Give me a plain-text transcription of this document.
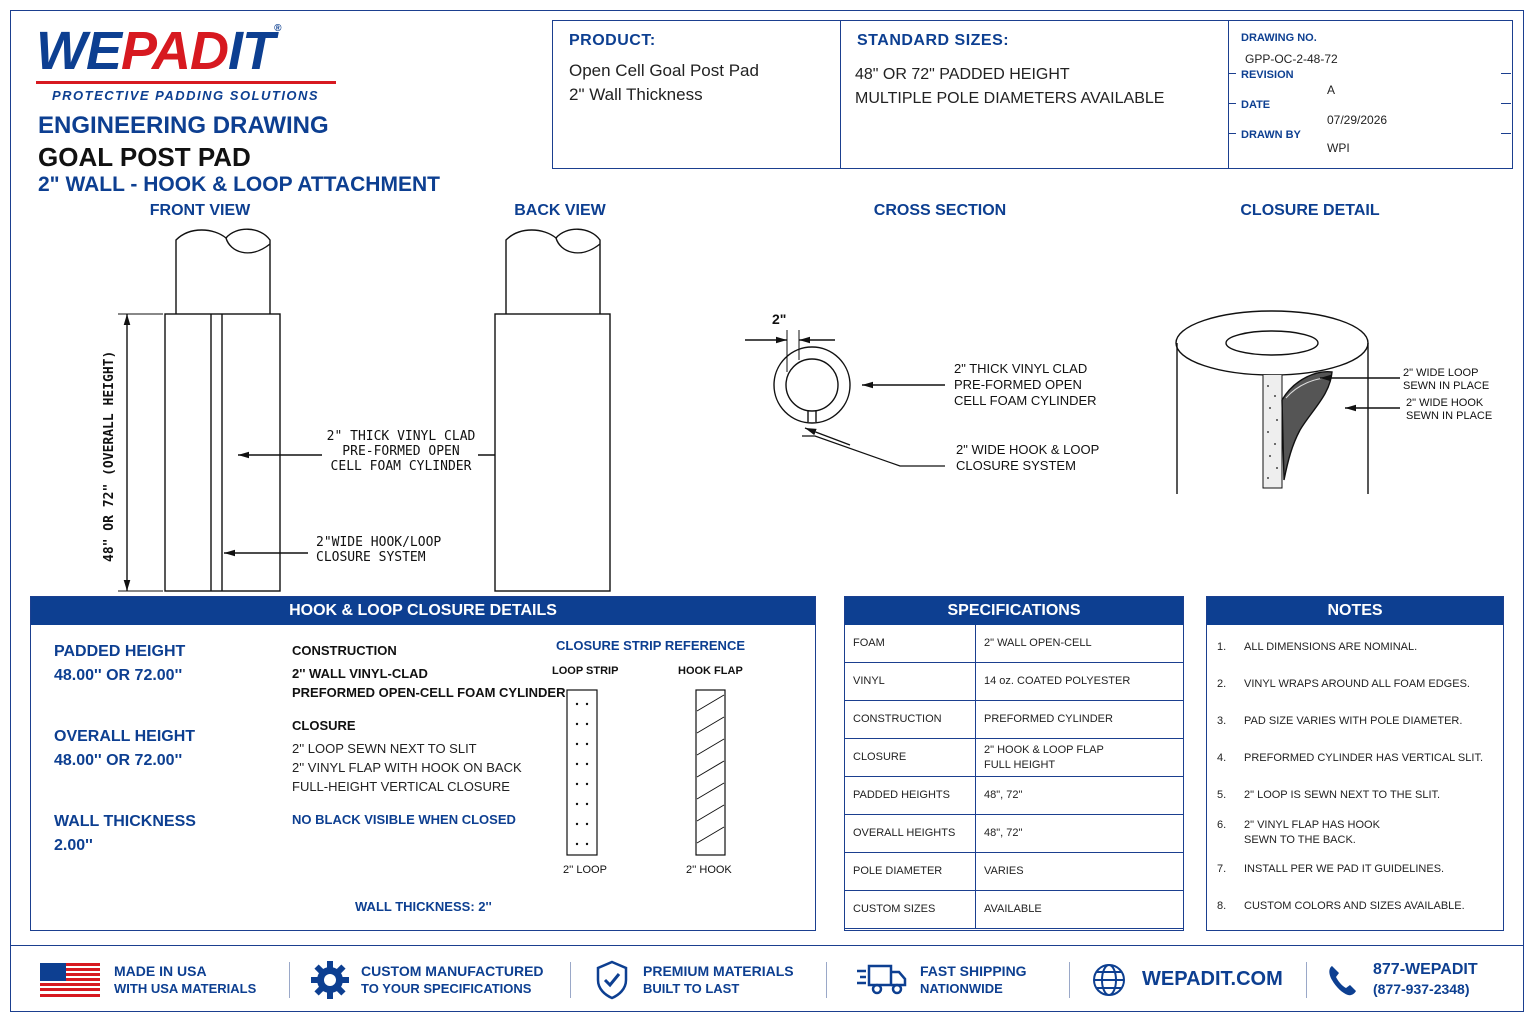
WEPADIT®
PROTECTIVE PADDING SOLUTIONS
ENGINEERING DRAWING
GOAL POST PAD
2" WALL - HOOK & LOOP ATTACHMENT
PRODUCT:
Open Cell Goal Post Pad
2" Wall Thickness
STANDARD SIZES:
48" OR 72" PADDED HEIGHT
MULTIPLE POLE DIAMETERS AVAILABLE
DRAWING NO.
GPP-OC-2-48-72
REVISION
A
DATE
07/29/2026
DRAWN BY
WPI
FRONT VIEW	BACK VIEW	CROSS SECTION	CLOSURE DETAIL
48" OR 72" (OVERALL HEIGHT)	2" THICK VINYL CLAD
PRE-FORMED OPEN
CELL FOAM CYLINDER
2"WIDE HOOK/LOOP
CLOSURE SYSTEM
2"
2" THICK VINYL CLAD
PRE-FORMED OPEN
CELL FOAM CYLINDER
2" WIDE HOOK & LOOP
CLOSURE SYSTEM
2" WIDE LOOP
SEWN IN PLACE
2" WIDE HOOK
SEWN IN PLACE
HOOK & LOOP CLOSURE DETAILS
PADDED HEIGHT
48.00'' OR 72.00''
OVERALL HEIGHT
48.00'' OR 72.00''
WALL THICKNESS
2.00''
CONSTRUCTION
2'' WALL VINYL-CLAD
PREFORMED OPEN-CELL FOAM CYLINDER
CLOSURE
2'' LOOP SEWN NEXT TO SLIT
2'' VINYL FLAP WITH HOOK ON BACK
FULL-HEIGHT VERTICAL CLOSURE
NO BLACK VISIBLE WHEN CLOSED
CLOSURE STRIP REFERENCE
LOOP STRIP	HOOK FLAP
2'' LOOP	2'' HOOK
WALL THICKNESS: 2''
SPECIFICATIONS
FOAM	2" WALL OPEN-CELL

VINYL	14 oz. COATED POLYESTER

CONSTRUCTION	PREFORMED CYLINDER

CLOSURE	2" HOOK & LOOP FLAP
FULL HEIGHT

PADDED HEIGHTS	48", 72"

OVERALL HEIGHTS	48", 72"

POLE DIAMETER	VARIES

CUSTOM SIZES	AVAILABLE
NOTES
1. ALL DIMENSIONS ARE NOMINAL.
2. VINYL WRAPS AROUND ALL FOAM EDGES.
3. PAD SIZE VARIES WITH POLE DIAMETER.
4. PREFORMED CYLINDER HAS VERTICAL SLIT.
5. 2" LOOP IS SEWN NEXT TO THE SLIT.
6. 2" VINYL FLAP HAS HOOK
SEWN TO THE BACK.
7. INSTALL PER WE PAD IT GUIDELINES.
8. CUSTOM COLORS AND SIZES AVAILABLE.
MADE IN USA
WITH USA MATERIALS
CUSTOM MANUFACTURED
TO YOUR SPECIFICATIONS
PREMIUM MATERIALS
BUILT TO LAST
FAST SHIPPING
NATIONWIDE	WEPADIT.COM	877-WEPADIT
(877-937-2348)
